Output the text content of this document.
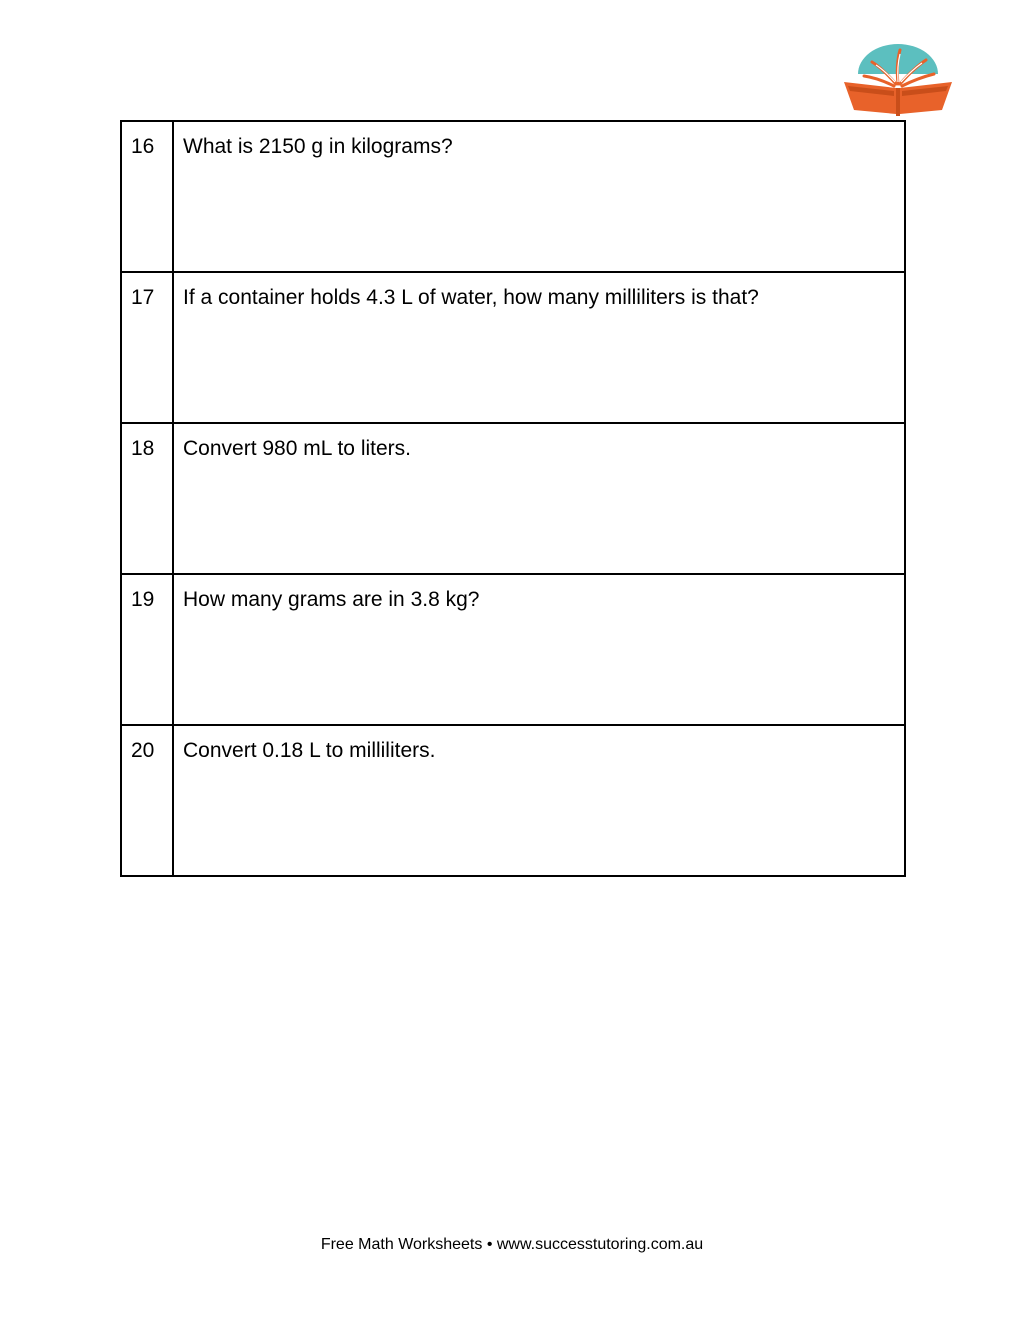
16	What is 2150 g in kilograms?

17	If a container holds 4.3 L of water, how many milliliters is that?

18	Convert 980 mL to liters.

19	How many grams are in 3.8 kg?

20	Convert 0.18 L to milliliters.
Free Math Worksheets • www.successtutoring.com.au
